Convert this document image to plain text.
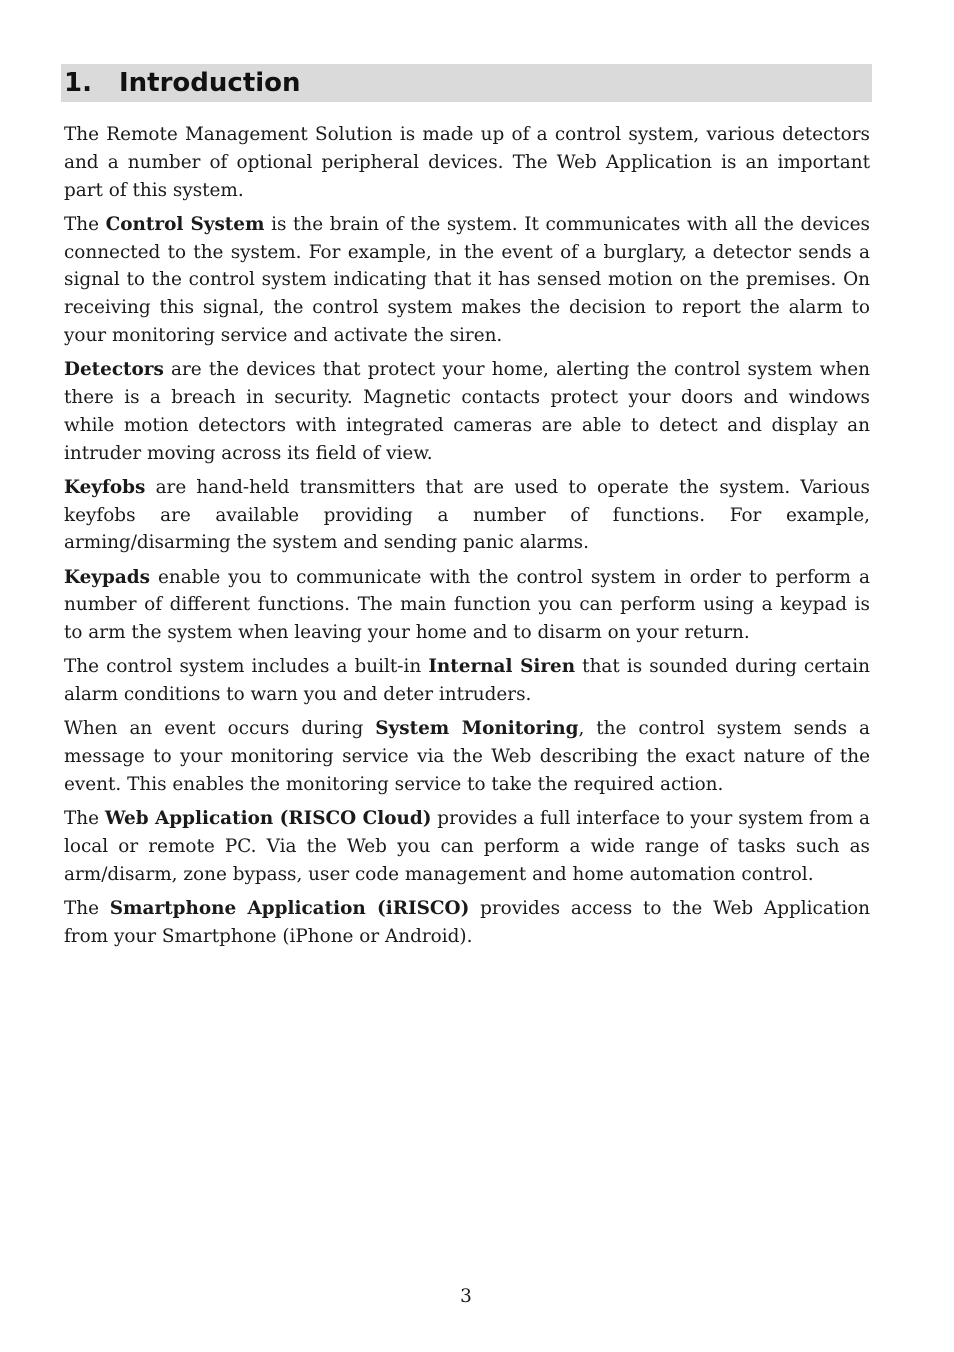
1. Introduction

The Remote Management Solution is made up of a control system, various detectors and a number of optional peripheral devices. The Web Application is an important part of this system.

The Control System is the brain of the system. It communicates with all the devices connected to the system. For example, in the event of a burglary, a detector sends a signal to the control system indicating that it has sensed motion on the premises. On receiving this signal, the control system makes the decision to report the alarm to your monitoring service and activate the siren.

Detectors are the devices that protect your home, alerting the control system when there is a breach in security. Magnetic contacts protect your doors and windows while motion detectors with integrated cameras are able to detect and display an intruder moving across its field of view.

Keyfobs are hand-held transmitters that are used to operate the system. Various keyfobs are available providing a number of functions. For example, arming/disarming the system and sending panic alarms.

Keypads enable you to communicate with the control system in order to perform a number of different functions. The main function you can perform using a keypad is to arm the system when leaving your home and to disarm on your return.

The control system includes a built-in Internal Siren that is sounded during certain alarm conditions to warn you and deter intruders.

When an event occurs during System Monitoring, the control system sends a message to your monitoring service via the Web describing the exact nature of the event. This enables the monitoring service to take the required action.

The Web Application (RISCO Cloud) provides a full interface to your system from a local or remote PC. Via the Web you can perform a wide range of tasks such as arm/disarm, zone bypass, user code management and home automation control.

The Smartphone Application (iRISCO) provides access to the Web Application from your Smartphone (iPhone or Android).

3
